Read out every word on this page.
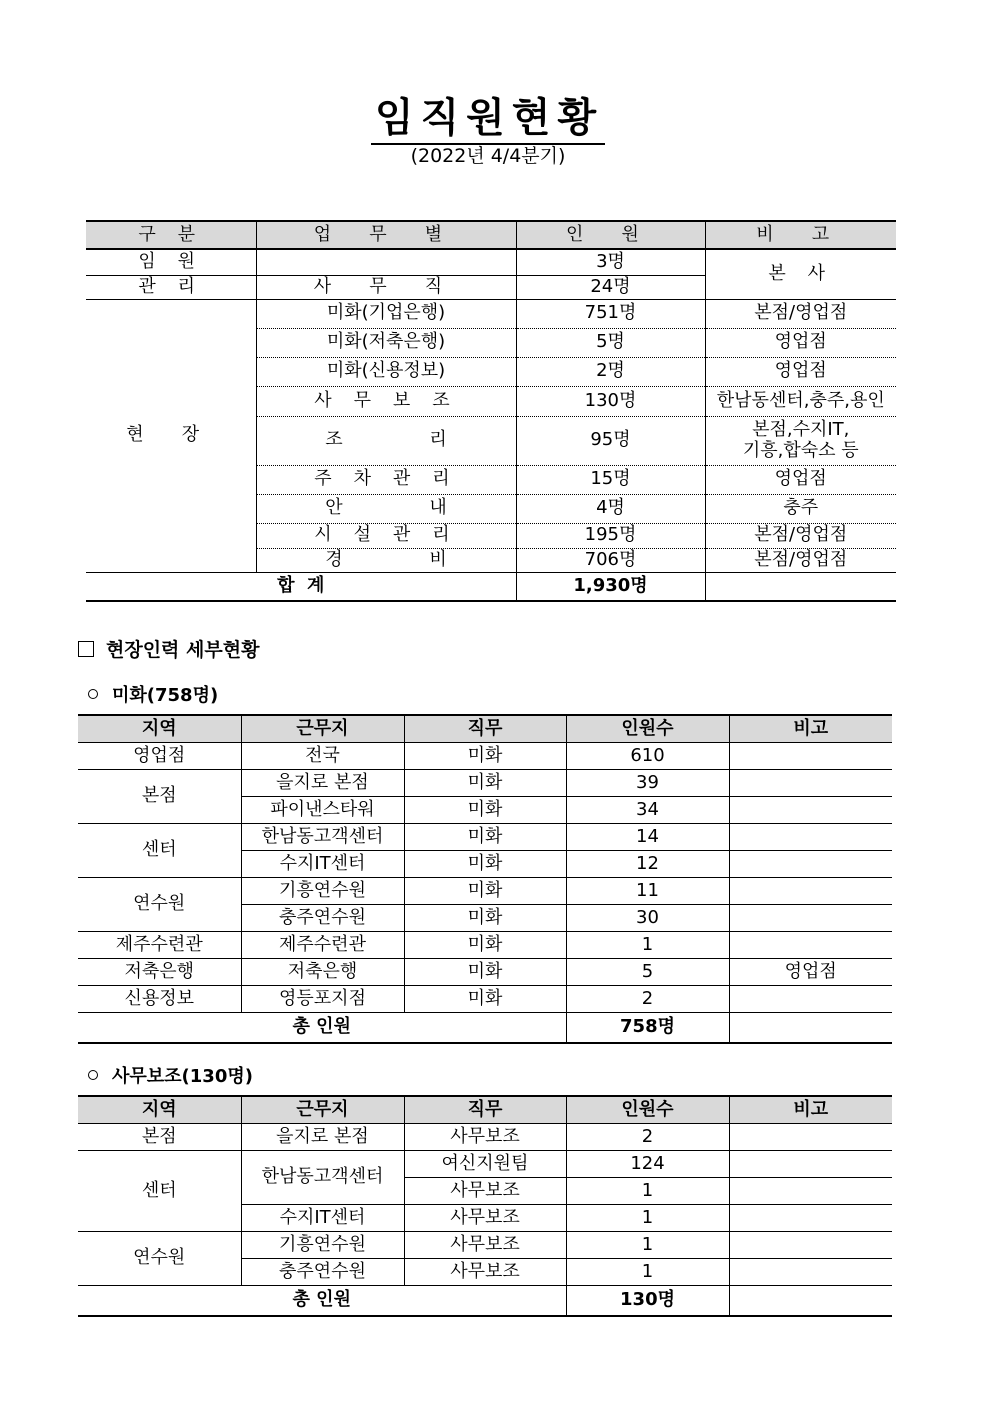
임직원현황
(2022년 4/4분기)
구 분	업 무 별	인 원	비 고
임 원		3명	본 사
관 리	사 무 직	24명	
현 장	미화(기업은행)	751명	본점/영업점
	미화(저축은행)	5명	영업점
	미화(신용정보)	2명	영업점
	사 무 보 조	130명	한남동센터,충주,용인
	조 리	95명	본점,수지IT,
기흥,합숙소 등

	주 차 관 리	15명	영업점
	안 내	4명	충주
	시 설 관 리	195명	본점/영업점
	경 비	706명	본점/영업점
합  계		1,930명	
현장인력 세부현황
미화(758명)
지역	근무지	직무	인원수	비고
영업점	전국	미화	610	
본점	을지로 본점	미화	39	
	파이낸스타워	미화	34	
센터	한남동고객센터	미화	14	
	수지IT센터	미화	12	
연수원	기흥연수원	미화	11	
	충주연수원	미화	30	
제주수련관	제주수련관	미화	1	
저축은행	저축은행	미화	5	영업점
신용정보	영등포지점	미화	2	
총 인원			758명	
사무보조(130명)
지역	근무지	직무	인원수	비고
본점	을지로 본점	사무보조	2	
센터	한남동고객센터	여신지원팀	124	
		사무보조	1	
	수지IT센터	사무보조	1	
연수원	기흥연수원	사무보조	1	
	충주연수원	사무보조	1	
총 인원			130명	
